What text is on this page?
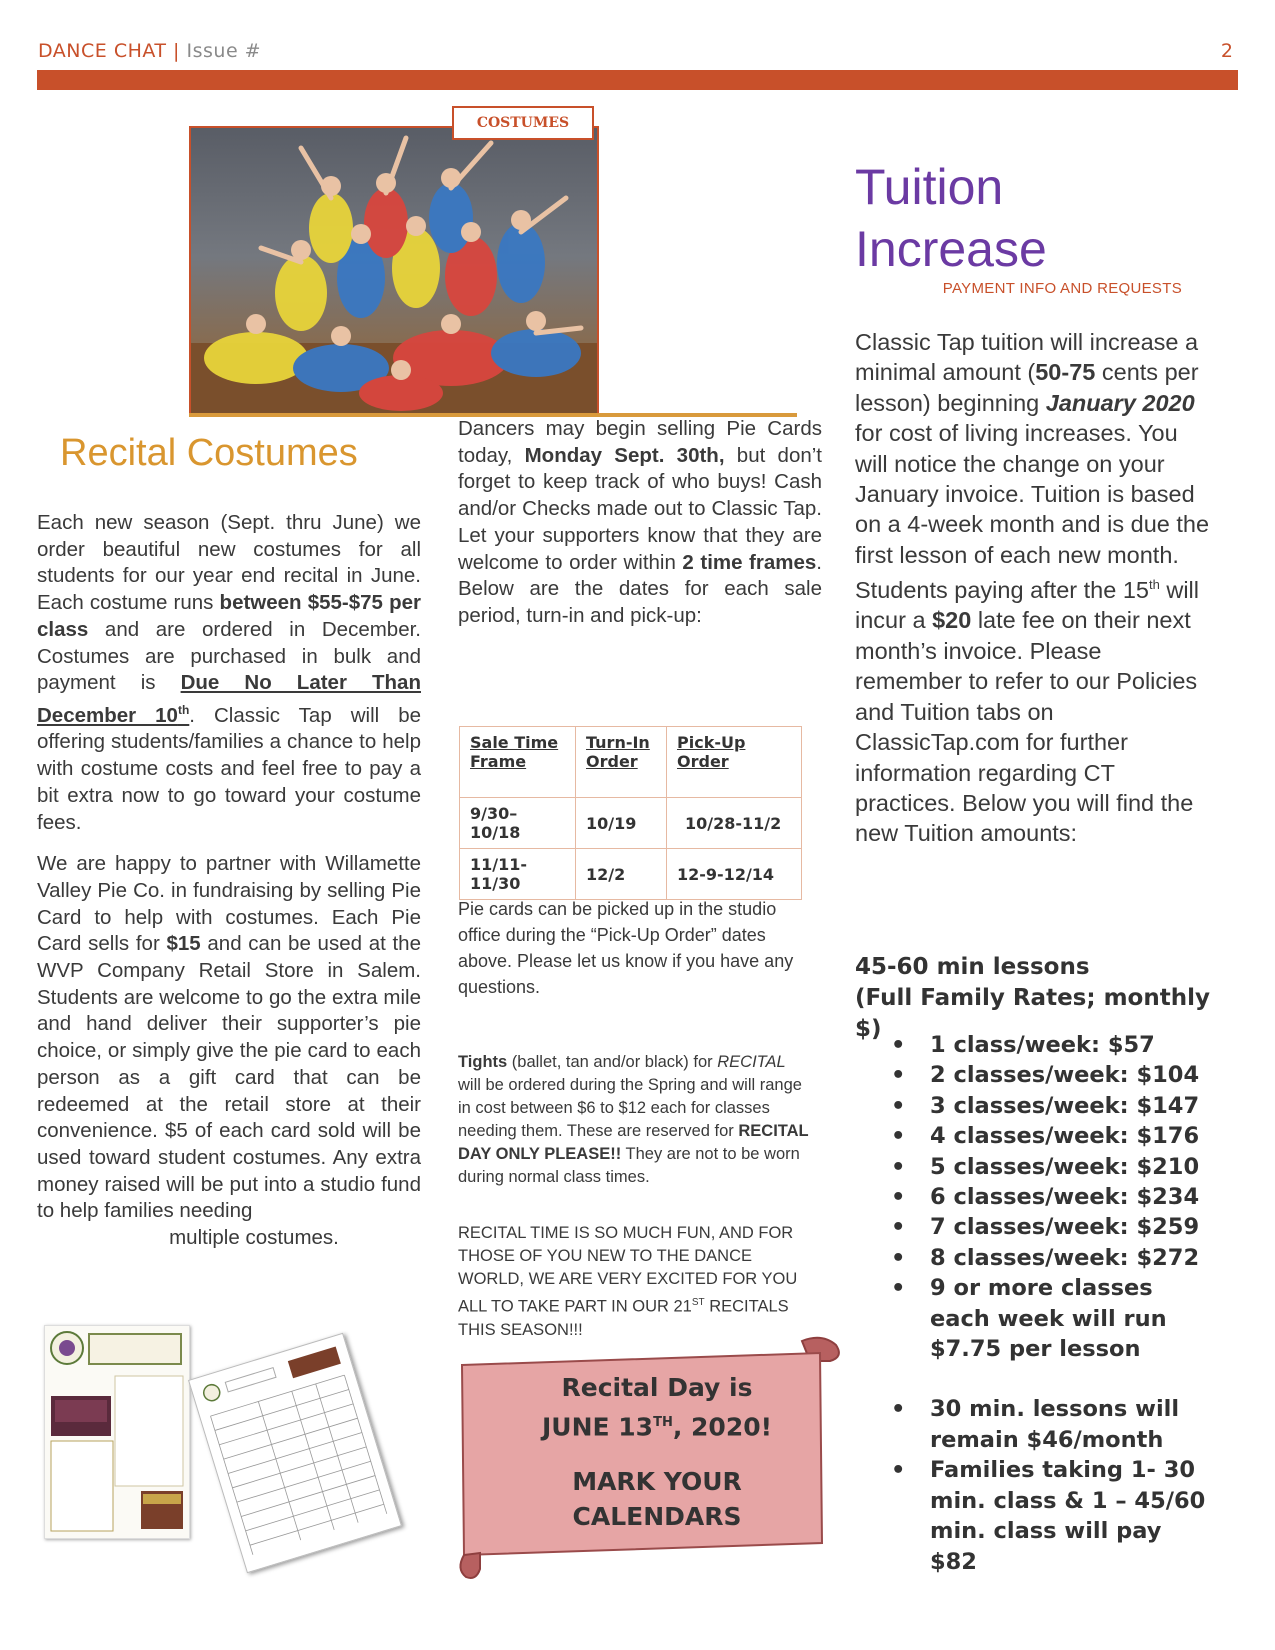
DANCE CHAT | Issue #	2
COSTUMES
Recital Costumes

Each new season (Sept. thru June) we order beautiful new costumes for all students for our year end recital in June. Each costume runs between $55-$75 per class and are ordered in December. Costumes are purchased in bulk and payment is Due No Later Than December 10th. Classic Tap will be offering students/families a chance to help with costume costs and feel free to pay a bit extra now to go toward your costume fees.

We are happy to partner with Willamette Valley Pie Co. in fundraising by selling Pie Card to help with costumes. Each Pie Card sells for $15 and can be used at the WVP Company Retail Store in Salem. Students are welcome to go the extra mile and hand deliver their supporter’s pie choice, or simply give the pie card to each person as a gift card that can be redeemed at the retail store at their convenience. $5 of each card sold will be used toward student costumes. Any extra money raised will be put into a studio fund to help families needing
multiple costumes.

Dancers may begin selling Pie Cards today, Monday Sept. 30th, but don’t forget to keep track of who buys! Cash and/or Checks made out to Classic Tap. Let your supporters know that they are welcome to order within 2 time frames. Below are the dates for each sale period, turn-in and pick-up:

Sale Time Frame	Turn-In Order	Pick-Up Order
9/30–10/18	10/19	10/28-11/2
11/11-11/30	12/2	12-9-12/14
Pie cards can be picked up in the studio office during the “Pick-Up Order” dates above. Please let us know if you have any questions.
Tights (ballet, tan and/or black) for RECITAL will be ordered during the Spring and will range in cost between $6 to $12 each for classes needing them. These are reserved for RECITAL DAY ONLY PLEASE!! They are not to be worn during normal class times.
RECITAL TIME IS SO MUCH FUN, AND FOR THOSE OF YOU NEW TO THE DANCE WORLD, WE ARE VERY EXCITED FOR YOU ALL TO TAKE PART IN OUR 21ST RECITALS THIS SEASON!!!
Recital Day is
JUNE 13TH, 2020!
MARK YOUR
CALENDARS
Tuition
Increase
PAYMENT INFO AND REQUESTS

Classic Tap tuition will increase a minimal amount (50-75 cents per lesson) beginning January 2020 for cost of living increases. You will notice the change on your January invoice. Tuition is based on a 4-week month and is due the first lesson of each new month. Students paying after the 15th will incur a $20 late fee on their next month’s invoice. Please remember to refer to our Policies and Tuition tabs on ClassicTap.com for further information regarding CT practices. Below you will find the new Tuition amounts:

45-60 min lessons
(Full Family Rates; monthly $)
• 1 class/week: $57
• 2 classes/week: $104
• 3 classes/week: $147
• 4 classes/week: $176
• 5 classes/week: $210
• 6 classes/week: $234
• 7 classes/week: $259
• 8 classes/week: $272
• 9 or more classes each week will run $7.75 per lesson
• 30 min. lessons will remain $46/month
• Families taking 1- 30 min. class & 1 – 45/60 min. class will pay $82
